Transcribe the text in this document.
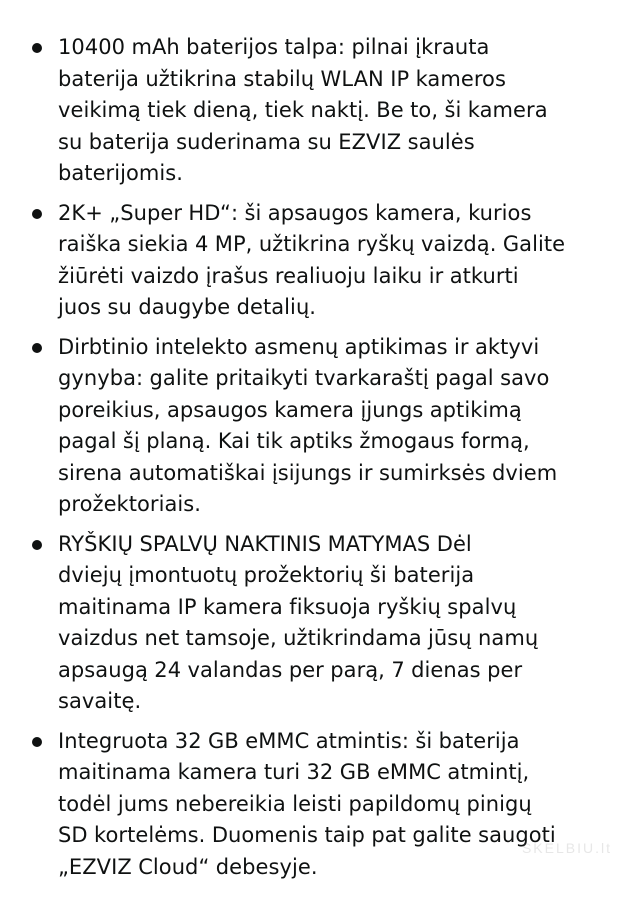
10400 mAh baterijos talpa: pilnai įkrauta
baterija užtikrina stabilų WLAN IP kameros
veikimą tiek dieną, tiek naktį. Be to, ši kamera
su baterija suderinama su EZVIZ saulės
baterijomis.
2K+ „Super HD“: ši apsaugos kamera, kurios
raiška siekia 4 MP, užtikrina ryškų vaizdą. Galite
žiūrėti vaizdo įrašus realiuoju laiku ir atkurti
juos su daugybe detalių.
Dirbtinio intelekto asmenų aptikimas ir aktyvi
gynyba: galite pritaikyti tvarkaraštį pagal savo
poreikius, apsaugos kamera įjungs aptikimą
pagal šį planą. Kai tik aptiks žmogaus formą,
sirena automatiškai įsijungs ir sumirksės dviem
prožektoriais.
RYŠKIŲ SPALVŲ NAKTINIS MATYMAS Dėl
dviejų įmontuotų prožektorių ši baterija
maitinama IP kamera fiksuoja ryškių spalvų
vaizdus net tamsoje, užtikrindama jūsų namų
apsaugą 24 valandas per parą, 7 dienas per
savaitę.
Integruota 32 GB eMMC atmintis: ši baterija
maitinama kamera turi 32 GB eMMC atmintį,
todėl jums nebereikia leisti papildomų pinigų
SD kortelėms. Duomenis taip pat galite saugoti
„EZVIZ Cloud“ debesyje.
SKELBIU.lt
